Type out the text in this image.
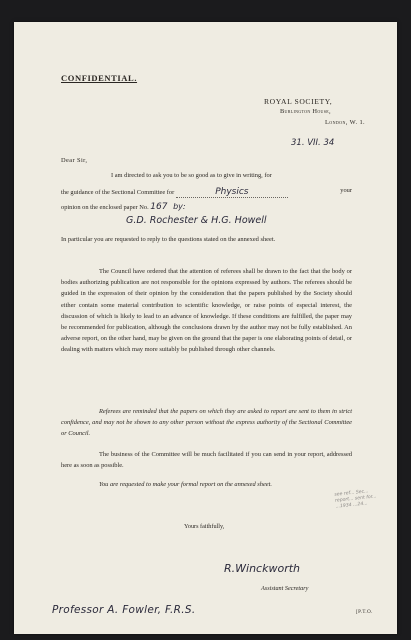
CONFIDENTIAL.
ROYAL SOCIETY,
Burlington House,
London, W. 1.
31. VII. 34
Dear Sir,
I am directed to ask you to be so good as to give in writing, for
the guidance of the Sectional Committee for	Physics	your
opinion on the enclosed paper No. 167 by:
G.D. Rochester & H.G. Howell
In particular you are requested to reply to the questions stated on the annexed sheet.
The Council have ordered that the attention of referees shall be drawn to the fact that the body or bodies authorizing publication are not responsible for the opinions expressed by authors. The referees should be guided in the expression of their opinion by the consideration that the papers published by the Society should either contain some material contribution to scientific knowledge, or raise points of especial interest, the discussion of which is likely to lead to an advance of knowledge. If these conditions are fulfilled, the paper may be recommended for publication, although the conclusions drawn by the author may not be fully established. An adverse report, on the other hand, may be given on the ground that the paper is one elaborating points of detail, or dealing with matters which may more suitably be published through other channels.
Referees are reminded that the papers on which they are asked to report are sent to them in strict confidence, and may not be shown to any other person without the express authority of the Sectional Committee or Council.
The business of the Committee will be much facilitated if you can send in your report, addressed here as soon as possible.
You are requested to make your formal report on the annexed sheet.
Yours faithfully,
R.Winckworth
Assistant Secretary
see ref... Sec... report... sent for... ...1934 ...24...
Professor A. Fowler, F.R.S.	[P.T.O.
